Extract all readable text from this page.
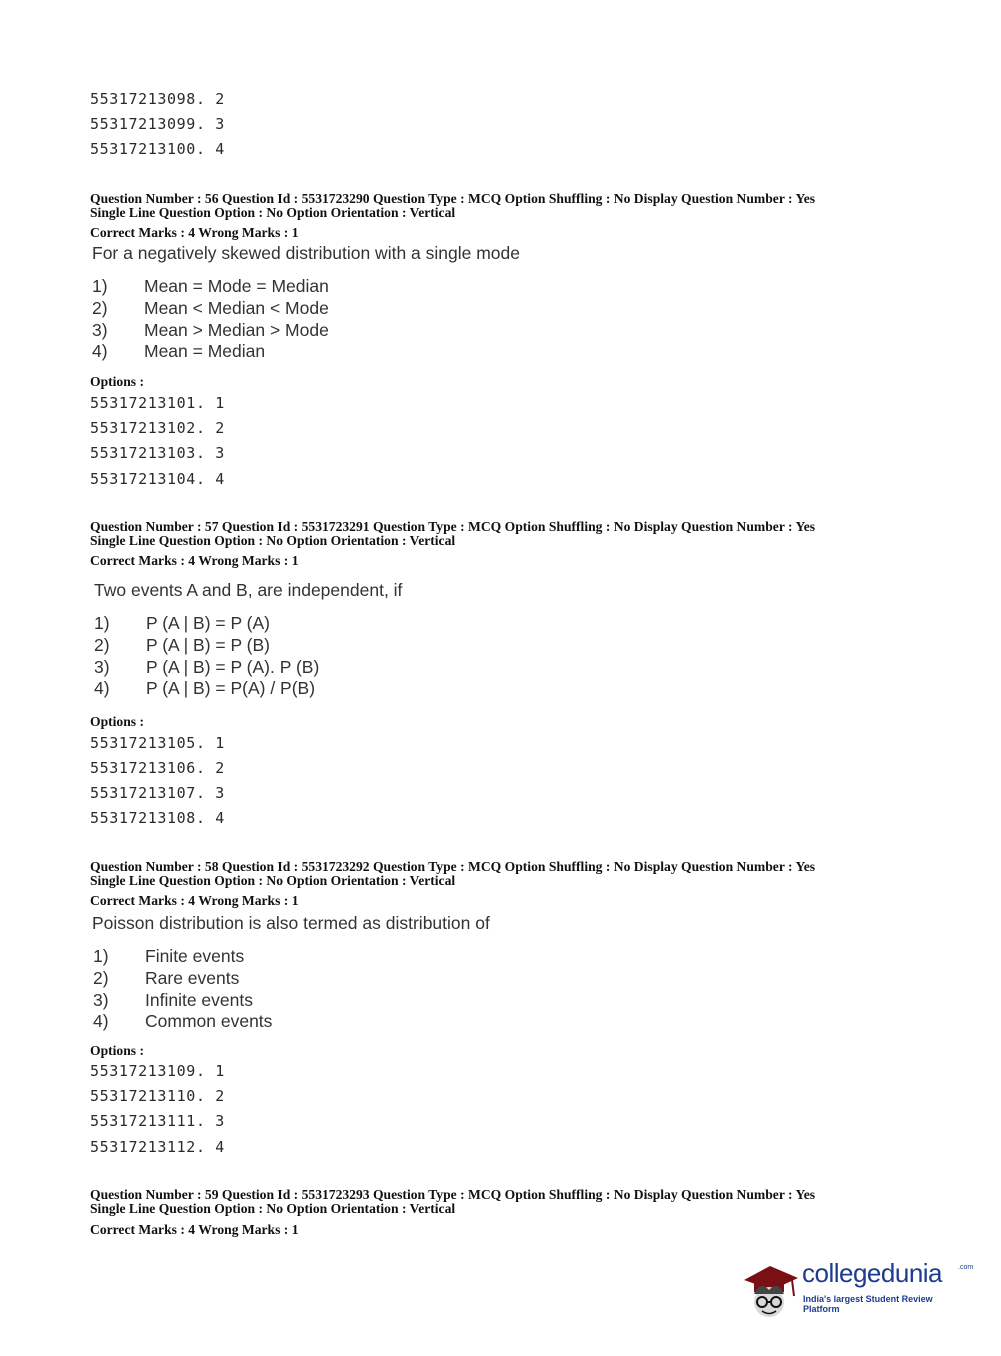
55317213098. 2

55317213099. 3

55317213100. 4

Question Number : 56 Question Id : 5531723290 Question Type : MCQ Option Shuffling : No Display Question Number : Yes
Single Line Question Option : No Option Orientation : Vertical
Correct Marks : 4 Wrong Marks : 1
For a negatively skewed distribution with a single mode
1) Mean = Mode = Median
2) Mean < Median < Mode
3) Mean > Median > Mode
4) Mean = Median
Options :

55317213101. 1

55317213102. 2

55317213103. 3

55317213104. 4

Question Number : 57 Question Id : 5531723291 Question Type : MCQ Option Shuffling : No Display Question Number : Yes
Single Line Question Option : No Option Orientation : Vertical
Correct Marks : 4 Wrong Marks : 1
Two events A and B, are independent, if
1) P (A | B) = P (A)
2) P (A | B) = P (B)
3) P (A | B) = P (A). P (B)
4) P (A | B) = P(A) / P(B)
Options :

55317213105. 1

55317213106. 2

55317213107. 3

55317213108. 4

Question Number : 58 Question Id : 5531723292 Question Type : MCQ Option Shuffling : No Display Question Number : Yes
Single Line Question Option : No Option Orientation : Vertical
Correct Marks : 4 Wrong Marks : 1
Poisson distribution is also termed as distribution of
1) Finite events
2) Rare events
3) Infinite events
4) Common events
Options :

55317213109. 1

55317213110. 2

55317213111. 3

55317213112. 4

Question Number : 59 Question Id : 5531723293 Question Type : MCQ Option Shuffling : No Display Question Number : Yes
Single Line Question Option : No Option Orientation : Vertical
Correct Marks : 4 Wrong Marks : 1
collegedunia .com
India's largest Student Review Platform
